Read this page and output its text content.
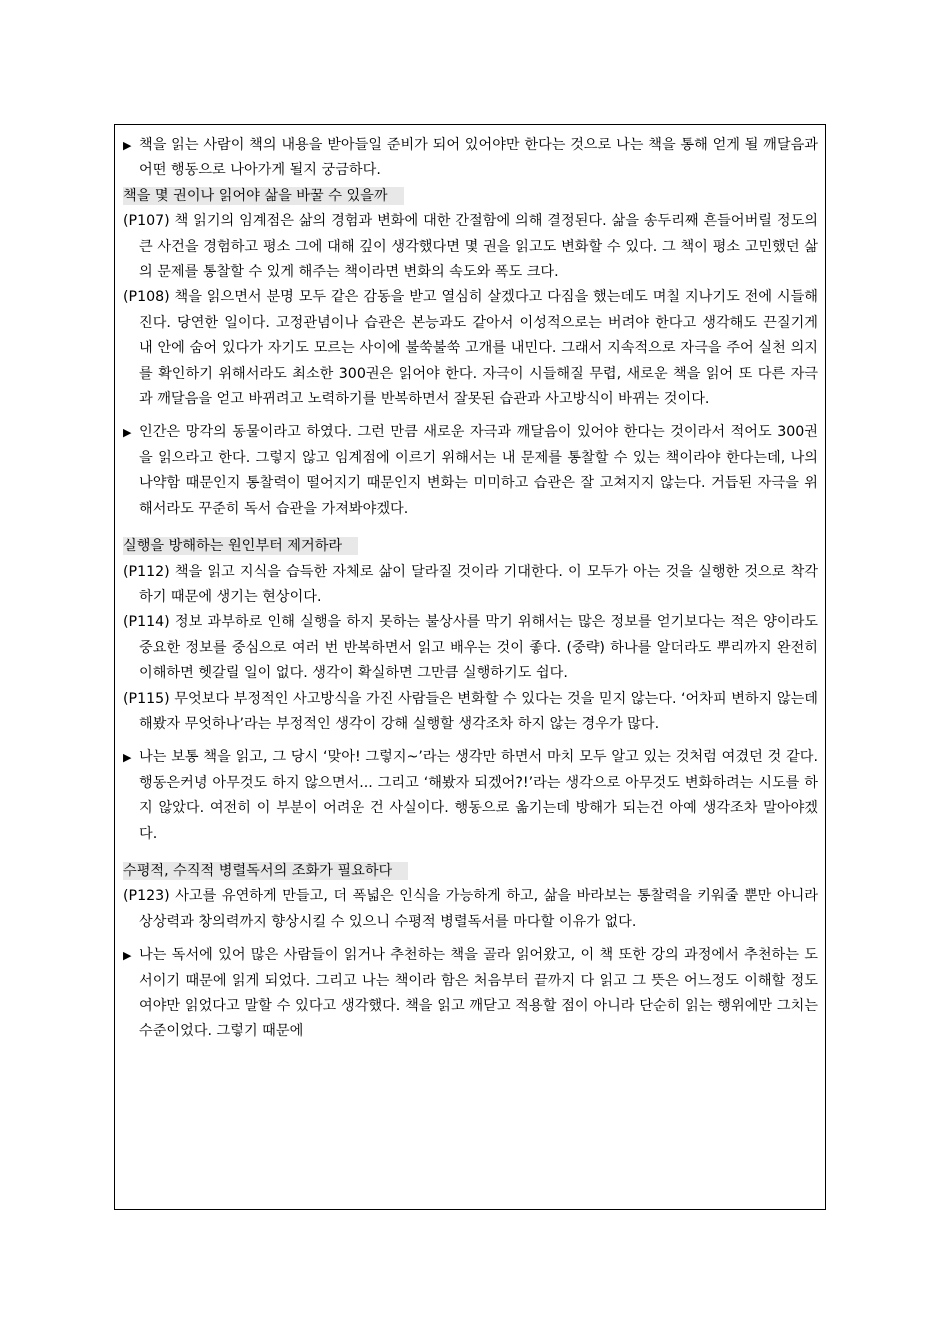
▶ 책을 읽는 사람이 책의 내용을 받아들일 준비가 되어 있어야만 한다는 것으로 나는 책을 통해 얻게 될 깨달음과 어떤 행동으로 나아가게 될지 궁금하다.

책을 몇 권이나 읽어야 삶을 바꿀 수 있을까

(P107) 책 읽기의 임계점은 삶의 경험과 변화에 대한 간절함에 의해 결정된다. 삶을 송두리째 흔들어버릴 정도의 큰 사건을 경험하고 평소 그에 대해 깊이 생각했다면 몇 권을 읽고도 변화할 수 있다. 그 책이 평소 고민했던 삶의 문제를 통찰할 수 있게 해주는 책이라면 변화의 속도와 폭도 크다.

(P108) 책을 읽으면서 분명 모두 같은 감동을 받고 열심히 살겠다고 다짐을 했는데도 며칠 지나기도 전에 시들해진다. 당연한 일이다. 고정관념이나 습관은 본능과도 같아서 이성적으로는 버려야 한다고 생각해도 끈질기게 내 안에 숨어 있다가 자기도 모르는 사이에 불쑥불쑥 고개를 내민다. 그래서 지속적으로 자극을 주어 실천 의지를 확인하기 위해서라도 최소한 300권은 읽어야 한다. 자극이 시들해질 무렵, 새로운 책을 읽어 또 다른 자극과 깨달음을 얻고 바뀌려고 노력하기를 반복하면서 잘못된 습관과 사고방식이 바뀌는 것이다.

▶ 인간은 망각의 동물이라고 하였다. 그런 만큼 새로운 자극과 깨달음이 있어야 한다는 것이라서 적어도 300권을 읽으라고 한다. 그렇지 않고 임계점에 이르기 위해서는 내 문제를 통찰할 수 있는 책이라야 한다는데, 나의 나약함 때문인지 통찰력이 떨어지기 때문인지 변화는 미미하고 습관은 잘 고쳐지지 않는다. 거듭된 자극을 위해서라도 꾸준히 독서 습관을 가져봐야겠다.

실행을 방해하는 원인부터 제거하라

(P112) 책을 읽고 지식을 습득한 자체로 삶이 달라질 것이라 기대한다. 이 모두가 아는 것을 실행한 것으로 착각하기 때문에 생기는 현상이다.

(P114) 정보 과부하로 인해 실행을 하지 못하는 불상사를 막기 위해서는 많은 정보를 얻기보다는 적은 양이라도 중요한 정보를 중심으로 여러 번 반복하면서 읽고 배우는 것이 좋다. (중략) 하나를 알더라도 뿌리까지 완전히 이해하면 헷갈릴 일이 없다. 생각이 확실하면 그만큼 실행하기도 쉽다.

(P115) 무엇보다 부정적인 사고방식을 가진 사람들은 변화할 수 있다는 것을 믿지 않는다. ‘어차피 변하지 않는데 해봤자 무엇하나’라는 부정적인 생각이 강해 실행할 생각조차 하지 않는 경우가 많다.

▶ 나는 보통 책을 읽고, 그 당시 ‘맞아! 그렇지~’라는 생각만 하면서 마치 모두 알고 있는 것처럼 여겼던 것 같다. 행동은커녕 아무것도 하지 않으면서... 그리고 ‘해봤자 되겠어?!’라는 생각으로 아무것도 변화하려는 시도를 하지 않았다. 여전히 이 부분이 어려운 건 사실이다. 행동으로 옮기는데 방해가 되는건 아예 생각조차 말아야겠다.

수평적, 수직적 병렬독서의 조화가 필요하다

(P123) 사고를 유연하게 만들고, 더 폭넓은 인식을 가능하게 하고, 삶을 바라보는 통찰력을 키워줄 뿐만 아니라 상상력과 창의력까지 향상시킬 수 있으니 수평적 병렬독서를 마다할 이유가 없다.

▶ 나는 독서에 있어 많은 사람들이 읽거나 추천하는 책을 골라 읽어왔고, 이 책 또한 강의 과정에서 추천하는 도서이기 때문에 읽게 되었다. 그리고 나는 책이라 함은 처음부터 끝까지 다 읽고 그 뜻은 어느정도 이해할 정도여야만 읽었다고 말할 수 있다고 생각했다. 책을 읽고 깨닫고 적용할 점이 아니라 단순히 읽는 행위에만 그치는 수준이었다. 그렇기 때문에
